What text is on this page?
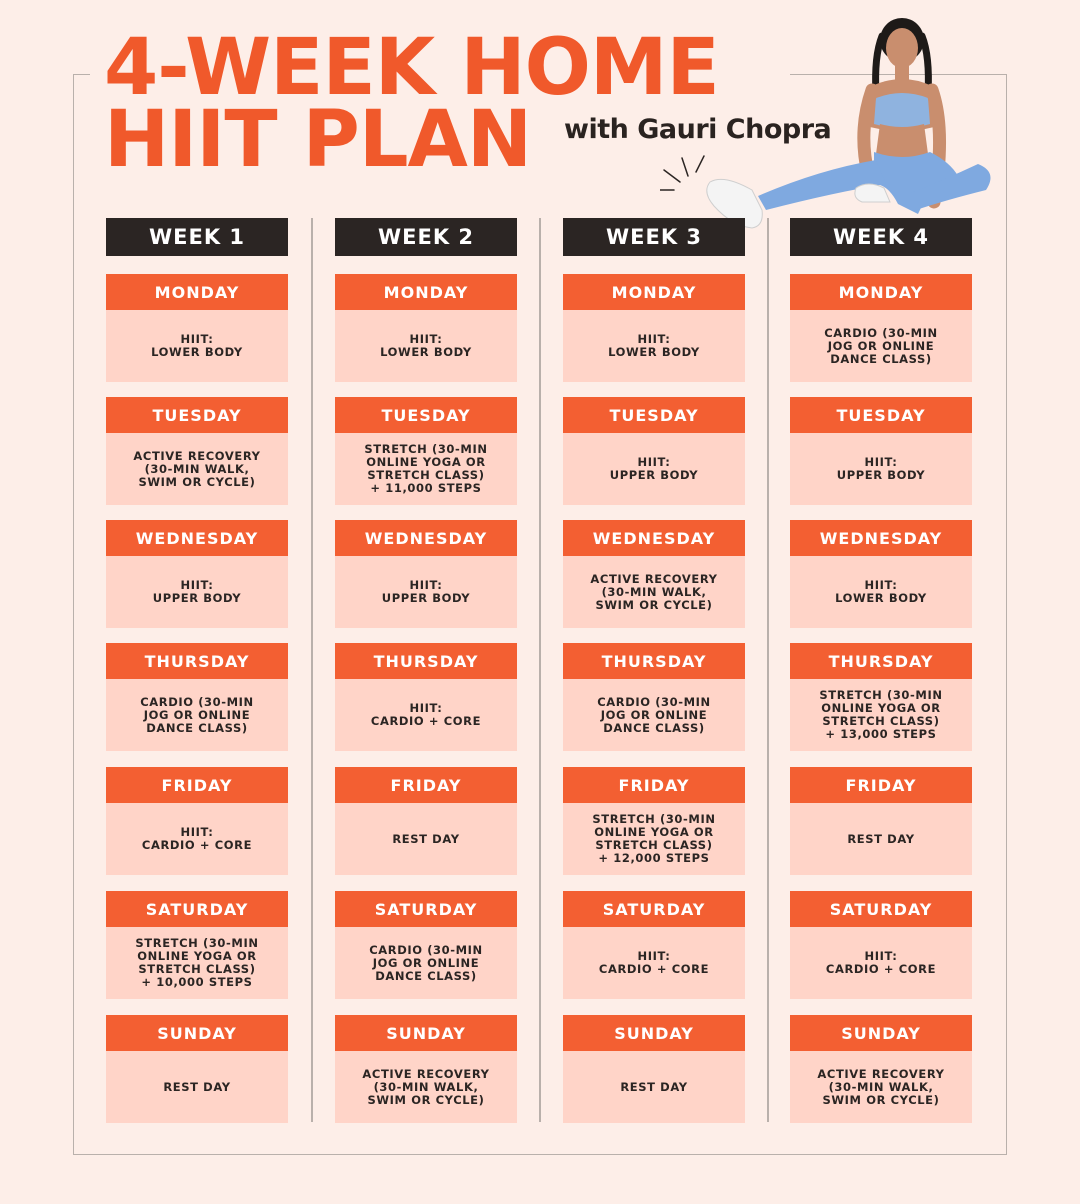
4-WEEK HOME
HIIT PLAN	with Gauri Chopra
WEEK 1
MONDAY
HIIT:
LOWER BODY
TUESDAY
ACTIVE RECOVERY
(30-MIN WALK,
SWIM OR CYCLE)
WEDNESDAY
HIIT:
UPPER BODY
THURSDAY
CARDIO (30-MIN
JOG OR ONLINE
DANCE CLASS)
FRIDAY
HIIT:
CARDIO + CORE
SATURDAY
STRETCH (30-MIN
ONLINE YOGA OR
STRETCH CLASS)
+ 10,000 STEPS
SUNDAY
REST DAY
WEEK 2
MONDAY
HIIT:
LOWER BODY
TUESDAY
STRETCH (30-MIN
ONLINE YOGA OR
STRETCH CLASS)
+ 11,000 STEPS
WEDNESDAY
HIIT:
UPPER BODY
THURSDAY
HIIT:
CARDIO + CORE
FRIDAY
REST DAY
SATURDAY
CARDIO (30-MIN
JOG OR ONLINE
DANCE CLASS)
SUNDAY
ACTIVE RECOVERY
(30-MIN WALK,
SWIM OR CYCLE)
WEEK 3
MONDAY
HIIT:
LOWER BODY
TUESDAY
HIIT:
UPPER BODY
WEDNESDAY
ACTIVE RECOVERY
(30-MIN WALK,
SWIM OR CYCLE)
THURSDAY
CARDIO (30-MIN
JOG OR ONLINE
DANCE CLASS)
FRIDAY
STRETCH (30-MIN
ONLINE YOGA OR
STRETCH CLASS)
+ 12,000 STEPS
SATURDAY
HIIT:
CARDIO + CORE
SUNDAY
REST DAY
WEEK 4
MONDAY
CARDIO (30-MIN
JOG OR ONLINE
DANCE CLASS)
TUESDAY
HIIT:
UPPER BODY
WEDNESDAY
HIIT:
LOWER BODY
THURSDAY
STRETCH (30-MIN
ONLINE YOGA OR
STRETCH CLASS)
+ 13,000 STEPS
FRIDAY
REST DAY
SATURDAY
HIIT:
CARDIO + CORE
SUNDAY
ACTIVE RECOVERY
(30-MIN WALK,
SWIM OR CYCLE)
